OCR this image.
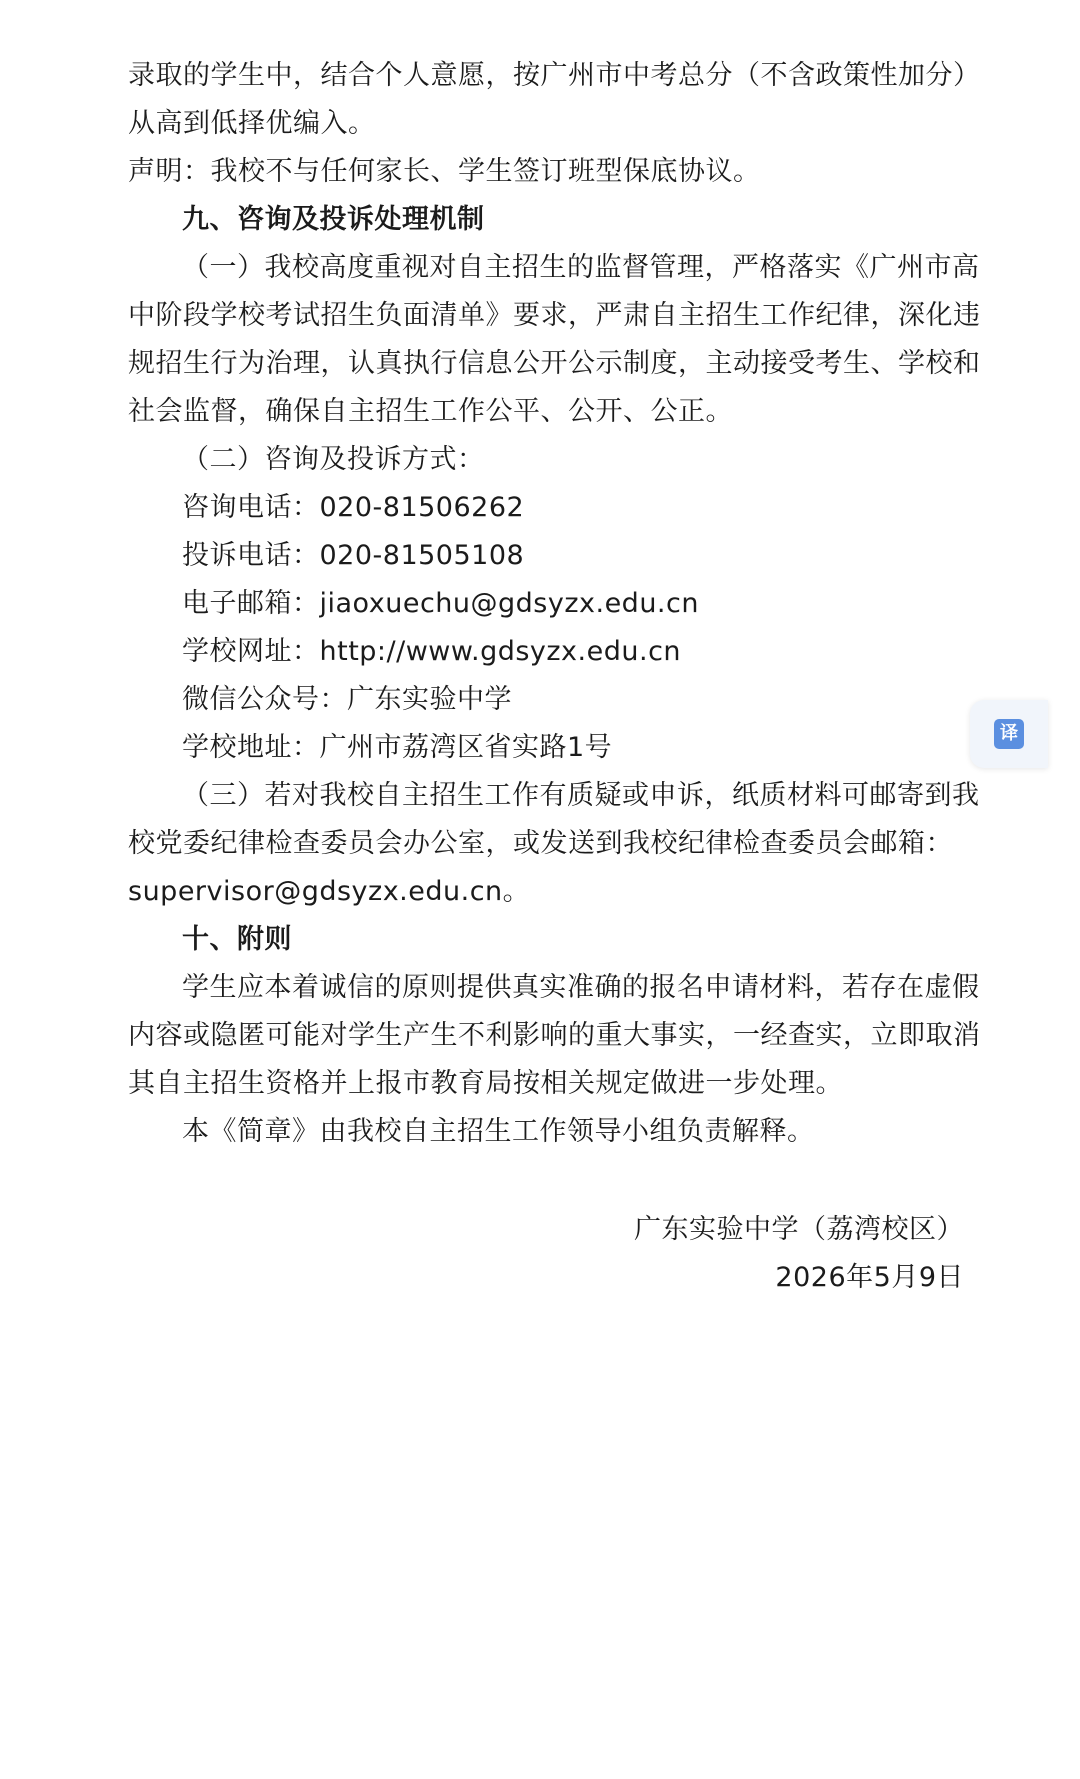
录取的学生中，结合个人意愿，按广州市中考总分（不含政策性加分）
从高到低择优编入。
声明：我校不与任何家长、学生签订班型保底协议。
九、咨询及投诉处理机制
（一）我校高度重视对自主招生的监督管理，严格落实《广州市高
中阶段学校考试招生负面清单》要求，严肃自主招生工作纪律，深化违
规招生行为治理，认真执行信息公开公示制度，主动接受考生、学校和
社会监督，确保自主招生工作公平、公开、公正。
（二）咨询及投诉方式：
咨询电话：020-81506262
投诉电话：020-81505108
电子邮箱：jiaoxuechu@gdsyzx.edu.cn
学校网址：http://www.gdsyzx.edu.cn
微信公众号：广东实验中学
学校地址：广州市荔湾区省实路1号
（三）若对我校自主招生工作有质疑或申诉，纸质材料可邮寄到我
校党委纪律检查委员会办公室，或发送到我校纪律检查委员会邮箱：
supervisor@gdsyzx.edu.cn。
十、附则
学生应本着诚信的原则提供真实准确的报名申请材料，若存在虚假
内容或隐匿可能对学生产生不利影响的重大事实，一经查实，立即取消
其自主招生资格并上报市教育局按相关规定做进一步处理。
本《简章》由我校自主招生工作领导小组负责解释。
广东实验中学（荔湾校区）
2026年5月9日
译
